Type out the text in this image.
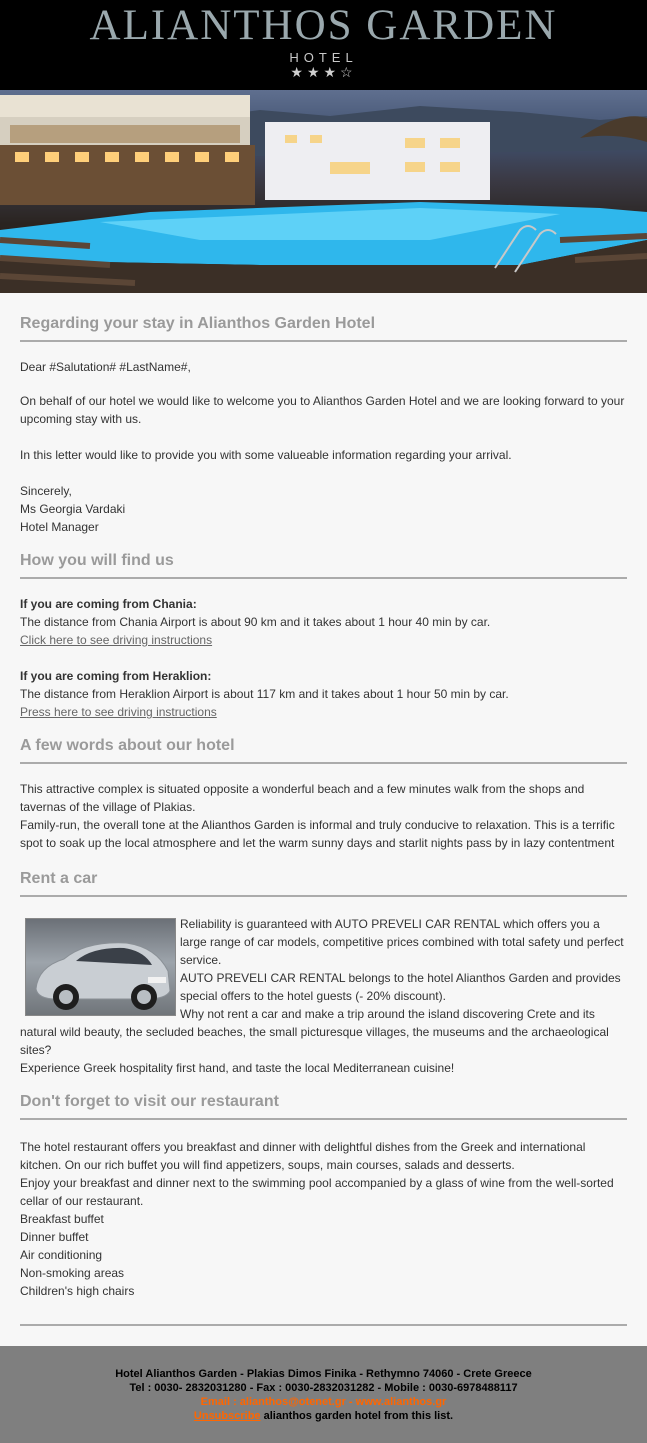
ALIANTHOS GARDEN
HOTEL
★★★☆
Regarding your stay in Alianthos Garden Hotel
Dear #Salutation# #LastName#,
On behalf of our hotel we would like to welcome you to Alianthos Garden Hotel and we are looking forward to your upcoming stay with us.
In this letter would like to provide you with some valueable information regarding your arrival.
Sincerely,
Ms Georgia Vardaki
Hotel Manager
How you will find us
If you are coming from Chania:
The distance from Chania Airport is about 90 km and it takes about 1 hour 40 min by car.
Click here to see driving instructions
If you are coming from Heraklion:
The distance from Heraklion Airport is about 117 km and it takes about 1 hour 50 min by car.
Press here to see driving instructions
A few words about our hotel
This attractive complex is situated opposite a wonderful beach and a few minutes walk from the shops and tavernas of the village of Plakias.
Family-run, the overall tone at the Alianthos Garden is informal and truly conducive to relaxation. This is a terrific spot to soak up the local atmosphere and let the warm sunny days and starlit nights pass by in lazy contentment
Rent a car
Reliability is guaranteed with AUTO PREVELI CAR RENTAL which offers you a large range of car models, competitive prices combined with total safety und perfect service.
AUTO PREVELI CAR RENTAL belongs to the hotel Alianthos Garden and provides special offers to the hotel guests (- 20% discount).
Why not rent a car and make a trip around the island discovering Crete and its natural wild beauty, the secluded beaches, the small picturesque villages, the museums and the archaeological sites?
Experience Greek hospitality first hand, and taste the local Mediterranean cuisine!
Don't forget to visit our restaurant
The hotel restaurant offers you breakfast and dinner with delightful dishes from the Greek and international kitchen. On our rich buffet you will find appetizers, soups, main courses, salads and desserts.
Enjoy your breakfast and dinner next to the swimming pool accompanied by a glass of wine from the well-sorted cellar of our restaurant.
Breakfast buffet
Dinner buffet
Air conditioning
Non-smoking areas
Children's high chairs
Hotel Alianthos Garden - Plakias Dimos Finika - Rethymno 74060 - Crete Greece
Tel : 0030- 2832031280 - Fax : 0030-2832031282 - Mobile : 0030-6978488117
Email : alianthos@otenet.gr - www.alianthos.gr
Unsubscribe alianthos garden hotel from this list.
